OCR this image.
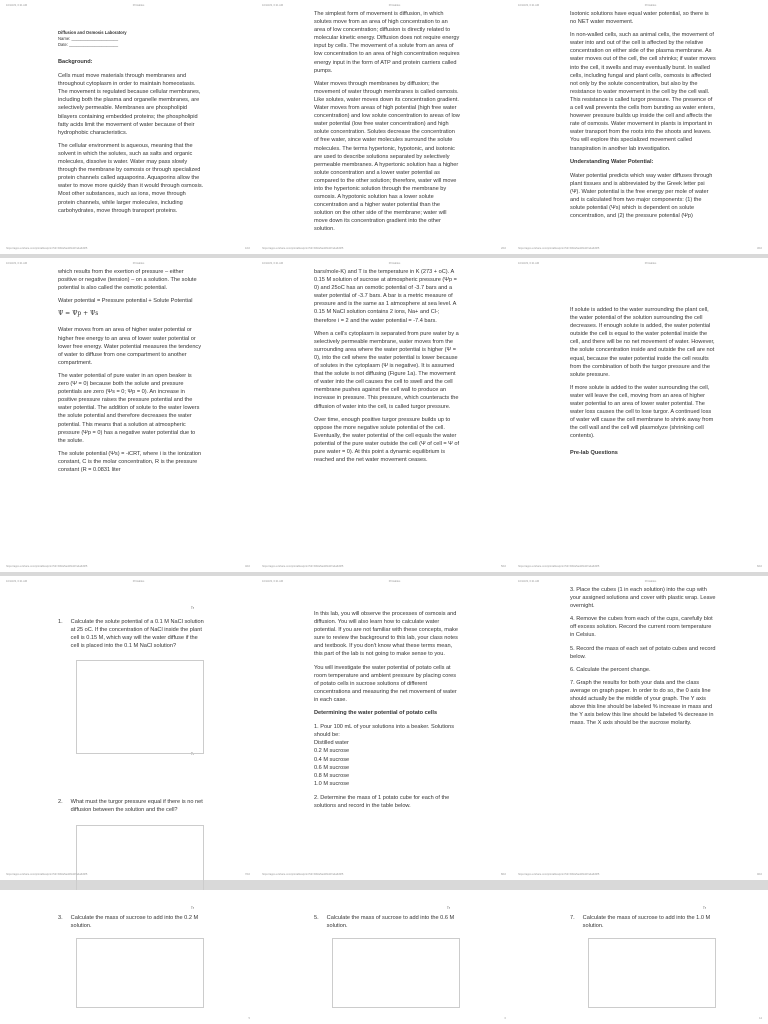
10/13/23, 6:21 AM	Printables
Diffusion and Osmosis Laboratory
Name: ____________________
Date: _____________________
Background:

Cells must move materials through membranes and throughout cytoplasm in order to maintain homeostasis. The movement is regulated because cellular membranes, including both the plasma and organelle membranes, are selectively permeable. Membranes are phospholipid bilayers containing embedded proteins; the phospholipid fatty acids limit the movement of water because of their hydrophobic characteristics.

The cellular environment is aqueous, meaning that the solvent in which the solutes, such as salts and organic molecules, dissolve is water. Water may pass slowly through the membrane by osmosis or through specialized protein channels called aquaporins. Aquaporins allow the water to move more quickly than it would through osmosis. Most other substances, such as ions, move through protein channels, while larger molecules, including carbohydrates, move through transport proteins.

https://apps.ezshare.com/printables/print?id=f4b0e5ad4f1d47a4a6d3f5	1/16
10/13/23, 6:21 AM	Printables

The simplest form of movement is diffusion, in which solutes move from an area of high concentration to an area of low concentration; diffusion is directly related to molecular kinetic energy. Diffusion does not require energy input by cells. The movement of a solute from an area of low concentration to an area of high concentration requires energy input in the form of ATP and protein carriers called pumps.

Water moves through membranes by diffusion; the movement of water through membranes is called osmosis. Like solutes, water moves down its concentration gradient. Water moves from areas of high potential (high free water concentration) and low solute concentration to areas of low water potential (low free water concentration) and high solute concentration. Solutes decrease the concentration of free water, since water molecules surround the solute molecules. The terms hypertonic, hypotonic, and isotonic are used to describe solutions separated by selectively permeable membranes. A hypertonic solution has a higher solute concentration and a lower water potential as compared to the other solution; therefore, water will move into the hypertonic solution through the membrane by osmosis. A hypotonic solution has a lower solute concentration and a higher water potential than the solution on the other side of the membrane; water will move down its concentration gradient into the other solution.

https://apps.ezshare.com/printables/print?id=f4b0e5ad4f1d47a4a6d3f5	2/16
10/13/23, 6:21 AM	Printables

Isotonic solutions have equal water potential, so there is no NET water movement.

In non-walled cells, such as animal cells, the movement of water into and out of the cell is affected by the relative concentration on either side of the plasma membrane. As water moves out of the cell, the cell shrinks; if water moves into the cell, it swells and may eventually burst. In walled cells, including fungal and plant cells, osmosis is affected not only by the solute concentration, but also by the resistance to water movement in the cell by the cell wall. This resistance is called turgor pressure. The presence of a cell wall prevents the cells from bursting as water enters, however pressure builds up inside the cell and affects the rate of osmosis. Water movement in plants is important in water transport from the roots into the shoots and leaves. You will explore this specialized movement called transpiration in another lab investigation.

Understanding Water Potential:

Water potential predicts which way water diffuses through plant tissues and is abbreviated by the Greek letter psi (Ψ). Water potential is the free energy per mole of water and is calculated from two major components: (1) the solute potential (Ψs) which is dependent on solute concentration, and (2) the pressure potential (Ψp)

https://apps.ezshare.com/printables/print?id=f4b0e5ad4f1d47a4a6d3f5	3/16
10/13/23, 6:21 AM	Printables

which results from the exertion of pressure – either positive or negative (tension) – on a solution. The solute potential is also called the osmotic potential.

Water potential = Pressure potential + Solute Potential

Ψ = Ψp + Ψs

Water moves from an area of higher water potential or higher free energy to an area of lower water potential or lower free energy. Water potential measures the tendency of water to diffuse from one compartment to another compartment.

The water potential of pure water in an open beaker is zero (Ψ = 0) because both the solute and pressure potentials are zero (Ψs = 0; Ψp = 0). An increase in positive pressure raises the pressure potential and the water potential. The addition of solute to the water lowers the solute potential and therefore decreases the water potential. This means that a solution at atmospheric pressure (Ψp = 0) has a negative water potential due to the solute.

The solute potential (Ψs) = -iCRT, where i is the ionization constant, C is the molar concentration, R is the pressure constant (R = 0.0831 liter

https://apps.ezshare.com/printables/print?id=f4b0e5ad4f1d47a4a6d3f5	4/16
10/13/23, 6:21 AM	Printables

bars/mole-K) and T is the temperature in K (273 + oC). A 0.15 M solution of sucrose at atmospheric pressure (Ψp = 0) and 25oC has an osmotic potential of -3.7 bars and a water potential of -3.7 bars. A bar is a metric measure of pressure and is the same as 1 atmosphere at sea level. A 0.15 M NaCl solution contains 2 ions, Na+ and Cl-; therefore i = 2 and the water potential = -7.4 bars.

When a cell's cytoplasm is separated from pure water by a selectively permeable membrane, water moves from the surrounding area where the water potential is higher (Ψ = 0), into the cell where the water potential is lower because of solutes in the cytoplasm (Ψ is negative). It is assumed that the solute is not diffusing (Figure 1a). The movement of water into the cell causes the cell to swell and the cell membrane pushes against the cell wall to produce an increase in pressure. This pressure, which counteracts the diffusion of water into the cell, is called turgor pressure.

Over time, enough positive turgor pressure builds up to oppose the more negative solute potential of the cell. Eventually, the water potential of the cell equals the water potential of the pure water outside the cell (Ψ of cell = Ψ of pure water = 0). At this point a dynamic equilibrium is reached and the net water movement ceases.

https://apps.ezshare.com/printables/print?id=f4b0e5ad4f1d47a4a6d3f5	5/16
10/13/23, 6:21 AM	Printables

If solute is added to the water surrounding the plant cell, the water potential of the solution surrounding the cell decreases. If enough solute is added, the water potential outside the cell is equal to the water potential inside the cell, and there will be no net movement of water. However, the solute concentration inside and outside the cell are not equal, because the water potential inside the cell results from the combination of both the turgor pressure and the solute pressure.

If more solute is added to the water surrounding the cell, water will leave the cell, moving from an area of higher water potential to an area of lower water potential. The water loss causes the cell to lose turgor. A continued loss of water will cause the cell membrane to shrink away from the cell wall and the cell will plasmolyze (shrinking cell contents).

Pre-lab Questions
https://apps.ezshare.com/printables/print?id=f4b0e5ad4f1d47a4a6d3f5	6/16
10/13/23, 6:21 AM	Printables
Tr
Tr
1. Calculate the solute potential of a 0.1 M NaCl solution at 25 oC. If the concentration of NaCl inside the plant cell is 0.15 M, which way will the water diffuse if the cell is placed into the 0.1 M NaCl solution?
2. What must the turgor pressure equal if there is no net diffusion between the solution and the cell?
https://apps.ezshare.com/printables/print?id=f4b0e5ad4f1d47a4a6d3f5	7/16
10/13/23, 6:21 AM	Printables

In this lab, you will observe the processes of osmosis and diffusion. You will also learn how to calculate water potential. If you are not familiar with these concepts, make sure to review the background to this lab, your class notes and textbook. If you don't know what these terms mean, this part of the lab is not going to make sense to you.

You will investigate the water potential of potato cells at room temperature and ambient pressure by placing cores of potato cells in sucrose solutions of different concentrations and measuring the net movement of water in each case.

Determining the water potential of potato cells
1. Pour 100 mL of your solutions into a beaker. Solutions should be:
Distilled water
0.2 M sucrose
0.4 M sucrose
0.6 M sucrose
0.8 M sucrose
1.0 M sucrose

2. Determine the mass of 1 potato cube for each of the solutions and record in the table below.

https://apps.ezshare.com/printables/print?id=f4b0e5ad4f1d47a4a6d3f5	8/16
10/13/23, 6:21 AM	Printables

3. Place the cubes (1 in each solution) into the cup with your assigned solutions and cover with plastic wrap. Leave overnight.

4. Remove the cubes from each of the cups, carefully blot off excess solution. Record the current room temperature in Celsius.

5. Record the mass of each set of potato cubes and record below.

6. Calculate the percent change.

7. Graph the results for both your data and the class average on graph paper. In order to do so, the 0 axis line should actually be the middle of your graph. The Y axis above this line should be labeled % increase in mass and the Y axis below this line should be labeled % decrease in mass. The X axis should be the sucrose molarity.

https://apps.ezshare.com/printables/print?id=f4b0e5ad4f1d47a4a6d3f5	9/16
Tr
3. Calculate the mass of sucrose to add into the 0.2 M solution.
5
Tr
5. Calculate the mass of sucrose to add into the 0.6 M solution.
6
Tr
7. Calculate the mass of sucrose to add into the 1.0 M solution.
14
